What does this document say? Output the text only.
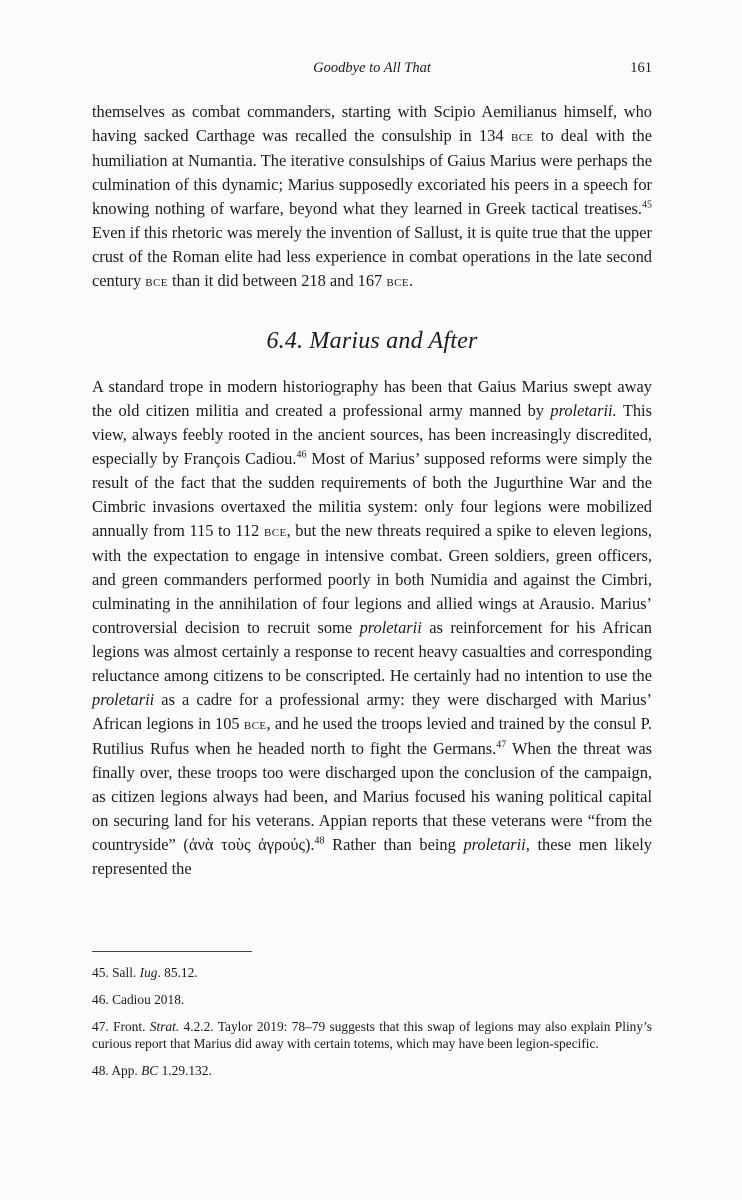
Goodbye to All That	161

themselves as combat commanders, starting with Scipio Aemilianus himself, who having sacked Carthage was recalled the consulship in 134 bce to deal with the humiliation at Numantia. The iterative consulships of Gaius Marius were perhaps the culmination of this dynamic; Marius supposedly excoriated his peers in a speech for knowing nothing of warfare, beyond what they learned in Greek tactical treatises.$^{45}$ Even if this rhetoric was merely the invention of Sallust, it is quite true that the upper crust of the Roman elite had less experience in combat operations in the late second century bce than it did between 218 and 167 bce.

6.4. Marius and After

A standard trope in modern historiography has been that Gaius Marius swept away the old citizen militia and created a professional army manned by proletarii. This view, always feebly rooted in the ancient sources, has been increasingly discredited, especially by François Cadiou.$^{46}$ Most of Marius’ supposed reforms were simply the result of the fact that the sudden requirements of both the Jugurthine War and the Cimbric invasions overtaxed the militia system: only four legions were mobilized annually from 115 to 112 bce, but the new threats required a spike to eleven legions, with the expectation to engage in intensive combat. Green soldiers, green officers, and green commanders performed poorly in both Numidia and against the Cimbri, culminating in the annihilation of four legions and allied wings at Arausio. Marius’ controversial decision to recruit some proletarii as reinforcement for his African legions was almost certainly a response to recent heavy casualties and corresponding reluctance among citizens to be conscripted. He certainly had no intention to use the proletarii as a cadre for a professional army: they were discharged with Marius’ African legions in 105 bce, and he used the troops levied and trained by the consul P. Rutilius Rufus when he headed north to fight the Germans.$^{47}$ When the threat was finally over, these troops too were discharged upon the conclusion of the campaign, as citizen legions always had been, and Marius focused his waning political capital on securing land for his veterans. Appian reports that these veterans were “from the countryside” (ἀνὰ τοὺς ἀγρούς).$^{48}$ Rather than being proletarii, these men likely represented the

45. Sall. Iug. 85.12.

46. Cadiou 2018.

47. Front. Strat. 4.2.2. Taylor 2019: 78–79 suggests that this swap of legions may also explain Pliny’s curious report that Marius did away with certain totems, which may have been legion-specific.

48. App. BC 1.29.132.
